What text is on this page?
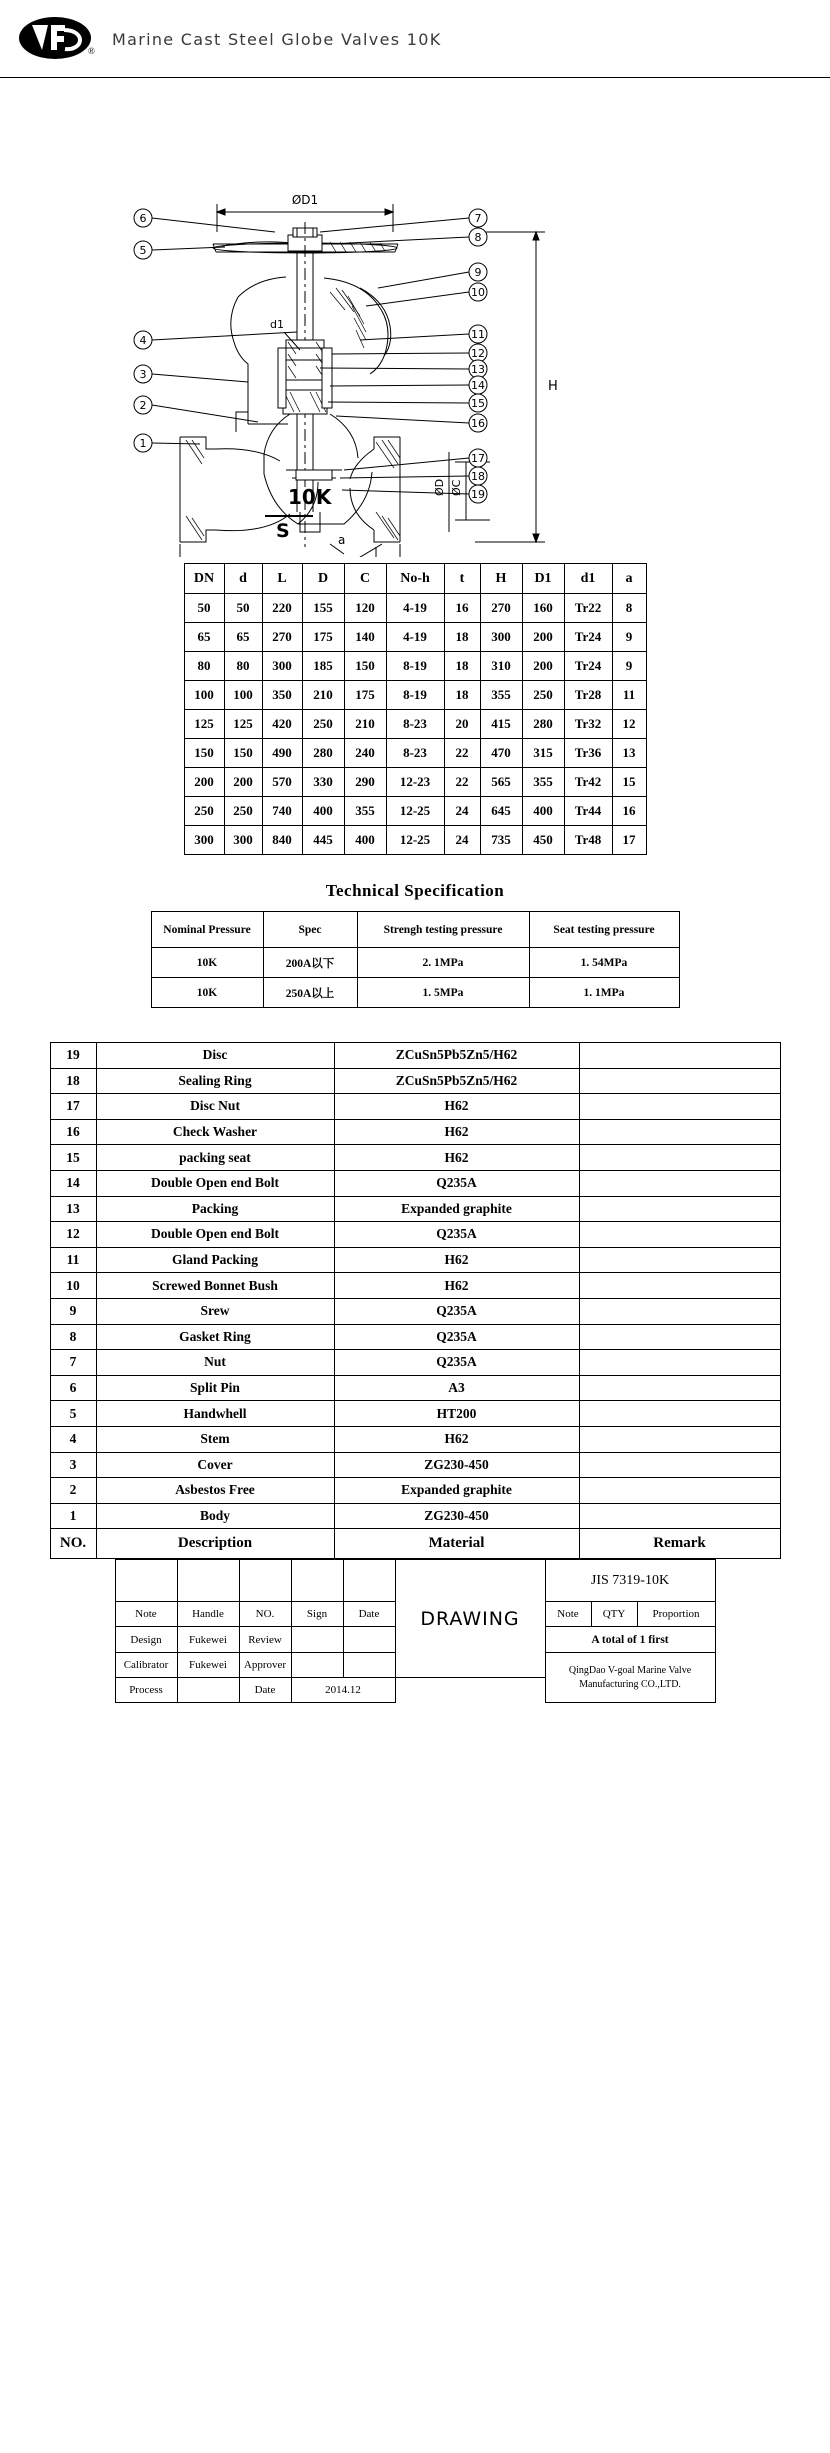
®
Marine Cast Steel Globe Valves 10K
ØD1
H
ØC
ØD
a
d1
10K
S
6
5
4
3
2
1
7
8
9
10
11
12
13
14
15
16
17
18
19
DN	d	L	D	C	No-h	t	H	D1	d1	a
50	50	220	155	120	4-19	16	270	160	Tr22	8
65	65	270	175	140	4-19	18	300	200	Tr24	9
80	80	300	185	150	8-19	18	310	200	Tr24	9
100	100	350	210	175	8-19	18	355	250	Tr28	11
125	125	420	250	210	8-23	20	415	280	Tr32	12
150	150	490	280	240	8-23	22	470	315	Tr36	13
200	200	570	330	290	12-23	22	565	355	Tr42	15
250	250	740	400	355	12-25	24	645	400	Tr44	16
300	300	840	445	400	12-25	24	735	450	Tr48	17
Technical Specification
Nominal Pressure	Spec	Strengh testing pressure	Seat testing pressure
10K	200A以下	2. 1MPa	1. 54MPa
10K	250A以上	1. 5MPa	1. 1MPa
19	Disc	ZCuSn5Pb5Zn5/H62	
18	Sealing Ring	ZCuSn5Pb5Zn5/H62	
17	Disc Nut	H62	
16	Check Washer	H62	
15	packing seat	H62	
14	Double Open end Bolt	Q235A	
13	Packing	Expanded graphite	
12	Double Open end Bolt	Q235A	
11	Gland Packing	H62	
10	Screwed Bonnet Bush	H62	
9	Srew	Q235A	
8	Gasket Ring	Q235A	
7	Nut	Q235A	
6	Split Pin	A3	
5	Handwhell	HT200	
4	Stem	H62	
3	Cover	ZG230-450	
2	Asbestos Free	Expanded graphite	
1	Body	ZG230-450	
NO.	Description	Material	Remark
					DRAWING	JIS 7319-10K		
Note	Handle	NO.	Sign	Date		Note	QTY	Proportion
Design	Fukewei	Review				A total of 1 first		
Calibrator	Fukewei	Approver				QingDao V-goal Marine Valve
Manufacturing CO.,LTD.		

Process		Date	2014.12					
